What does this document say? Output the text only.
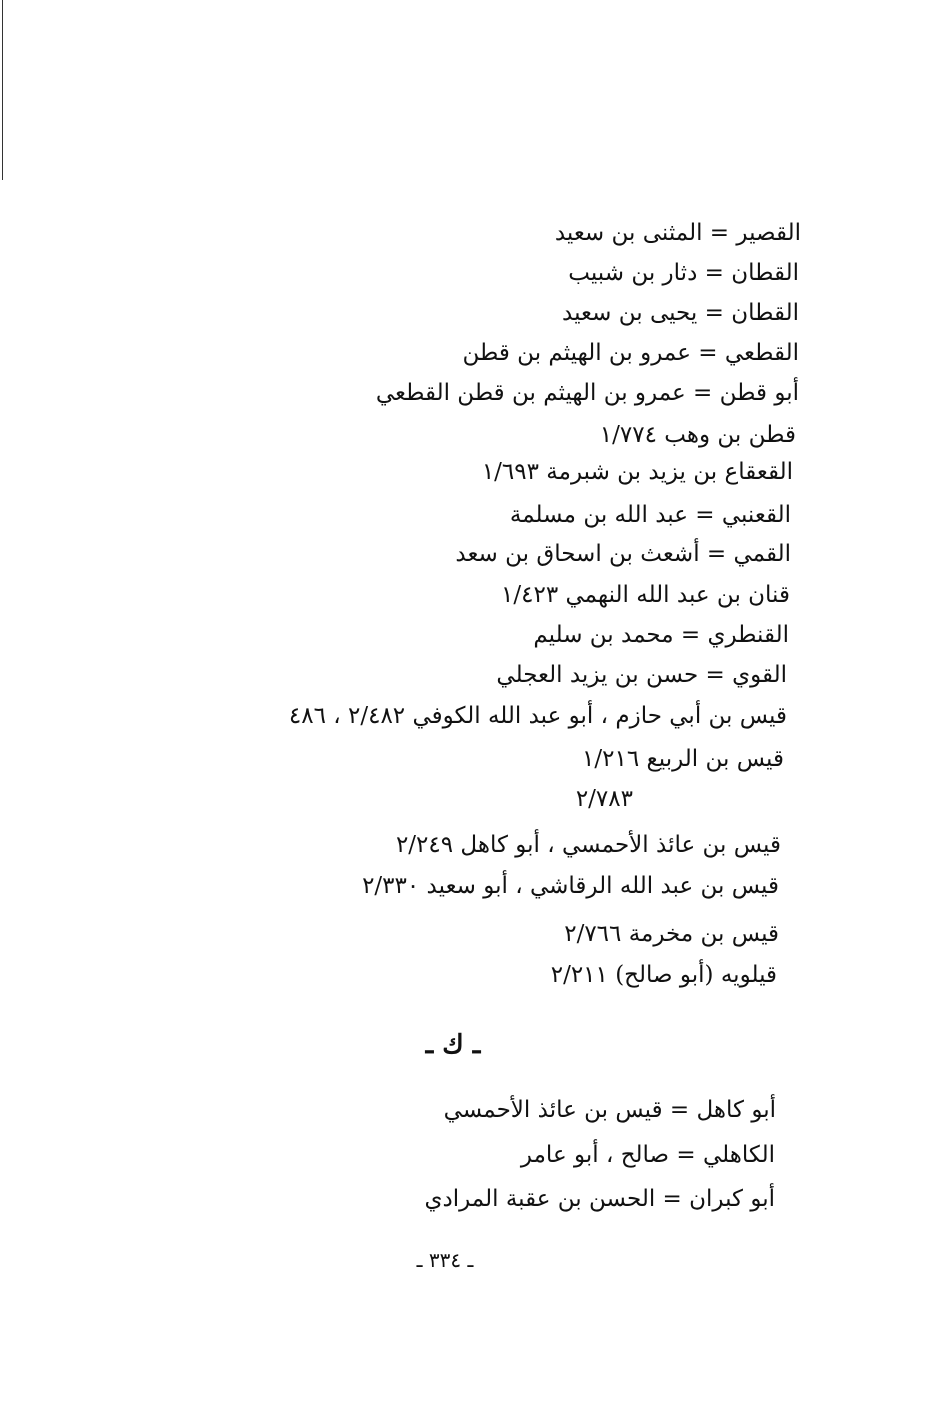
القصير = المثنى بن سعيد
القطان = دثار بن شبيب
القطان = يحيى بن سعيد
القطعي = عمرو بن الهيثم بن قطن
أبو قطن = عمرو بن الهيثم بن قطن القطعي
قطن بن وهب ١/٧٧٤
القعقاع بن يزيد بن شبرمة ١/٦٩٣
القعنبي = عبد الله بن مسلمة
القمي = أشعث بن اسحاق بن سعد
قنان بن عبد الله النهمي ١/٤٢٣
القنطري = محمد بن سليم
القوي = حسن بن يزيد العجلي
قيس بن أبي حازم ، أبو عبد الله الكوفي ٢/٤٨٢ ، ٤٨٦
قيس بن الربيع ١/٢١٦
٢/٧٨٣
قيس بن عائذ الأحمسي ، أبو كاهل ٢/٢٤٩
قيس بن عبد الله الرقاشي ، أبو سعيد ٢/٣٣٠
قيس بن مخرمة ٢/٧٦٦
قيلويه (أبو صالح) ٢/٢١١
ـ ك ـ
أبو كاهل = قيس بن عائذ الأحمسي
الكاهلي = صالح ، أبو عامر
أبو كبران = الحسن بن عقبة المرادي
ـ ٣٣٤ ـ
